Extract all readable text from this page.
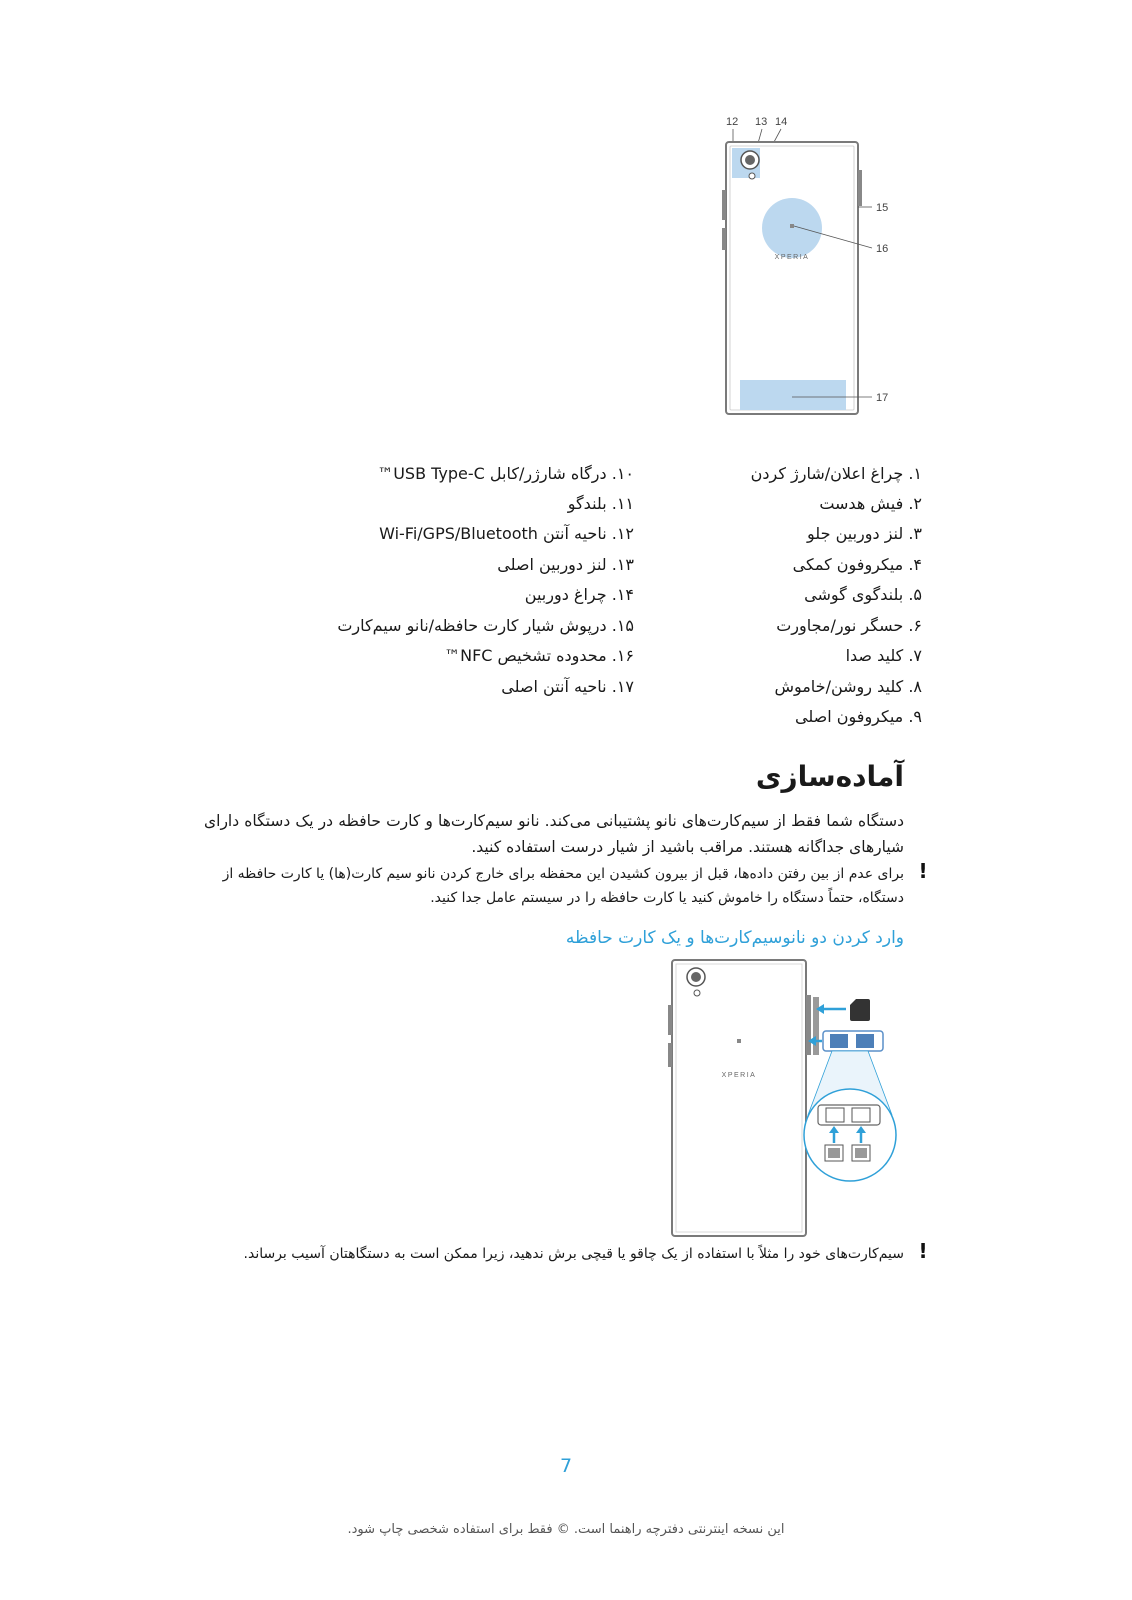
12 13 14
XPERIA
15
16
17
۱. چراغ اعلان/شارژ کردن
۲. فیش هدست
۳. لنز دوربین جلو
۴. میکروفون کمکی
۵. بلندگوی گوشی
۶. حسگر نور/مجاورت
۷. کلید صدا
۸. کلید روشن/خاموش
۹. میکروفون اصلی
۱۰. درگاه شارژر/کابل USB Type-C™
۱۱. بلندگو
۱۲. ناحیه آنتن Wi-Fi/GPS/Bluetooth
۱۳. لنز دوربین اصلی
۱۴. چراغ دوربین
۱۵. درپوش شیار کارت حافظه/نانو سیم‌کارت
۱۶. محدوده تشخیص NFC™
۱۷. ناحیه آنتن اصلی
آماده‌سازی
دستگاه شما فقط از سیم‌کارت‌های نانو پشتیبانی می‌کند. نانو سیم‌کارت‌ها و کارت حافظه در یک دستگاه دارای شیارهای جداگانه هستند. مراقب باشید از شیار درست استفاده کنید.
!
برای عدم از بین رفتن داده‌ها، قبل از بیرون کشیدن این محفظه برای خارج کردن نانو سیم کارت(ها) یا کارت حافظه از دستگاه، حتماً دستگاه را خاموش کنید یا کارت حافظه را در سیستم عامل جدا کنید.
وارد کردن دو نانوسیم‌کارت‌ها و یک کارت حافظه
XPERIA
!
سیم‌کارت‌های خود را مثلاً با استفاده از یک چاقو یا قیچی برش ندهید، زیرا ممکن است به دستگاهتان آسیب برساند.
7
این نسخه اینترنتی دفترچه راهنما است. © فقط برای استفاده شخصی چاپ شود.
